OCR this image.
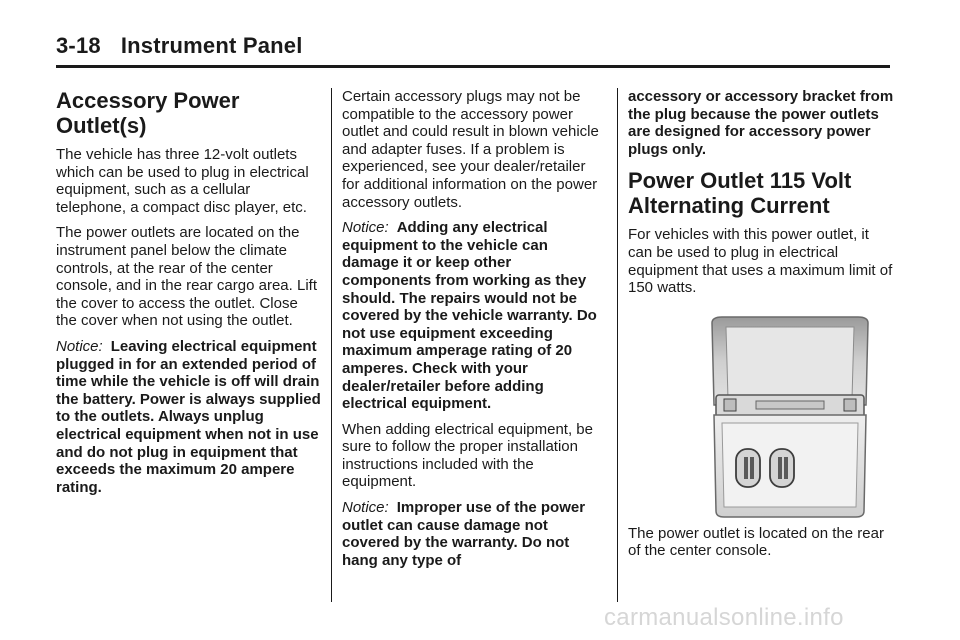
3-18 Instrument Panel
Accessory Power Outlet(s)

The vehicle has three 12-volt outlets which can be used to plug in electrical equipment, such as a cellular telephone, a compact disc player, etc.

The power outlets are located on the instrument panel below the climate controls, at the rear of the center console, and in the rear cargo area. Lift the cover to access the outlet. Close the cover when not using the outlet.

Notice: Leaving electrical equipment plugged in for an extended period of time while the vehicle is off will drain the battery. Power is always supplied to the outlets. Always unplug electrical equipment when not in use and do not plug in equipment that exceeds the maximum 20 ampere rating.

Certain accessory plugs may not be compatible to the accessory power outlet and could result in blown vehicle and adapter fuses. If a problem is experienced, see your dealer/retailer for additional information on the power accessory outlets.

Notice: Adding any electrical equipment to the vehicle can damage it or keep other components from working as they should. The repairs would not be covered by the vehicle warranty. Do not use equipment exceeding maximum amperage rating of 20 amperes. Check with your dealer/retailer before adding electrical equipment.

When adding electrical equipment, be sure to follow the proper installation instructions included with the equipment.

Notice: Improper use of the power outlet can cause damage not covered by the warranty. Do not hang any type of

accessory or accessory bracket from the plug because the power outlets are designed for accessory power plugs only.

Power Outlet 115 Volt Alternating Current

For vehicles with this power outlet, it can be used to plug in electrical equipment that uses a maximum limit of 150 watts.

The power outlet is located on the rear of the center console.

carmanualsonline.info
